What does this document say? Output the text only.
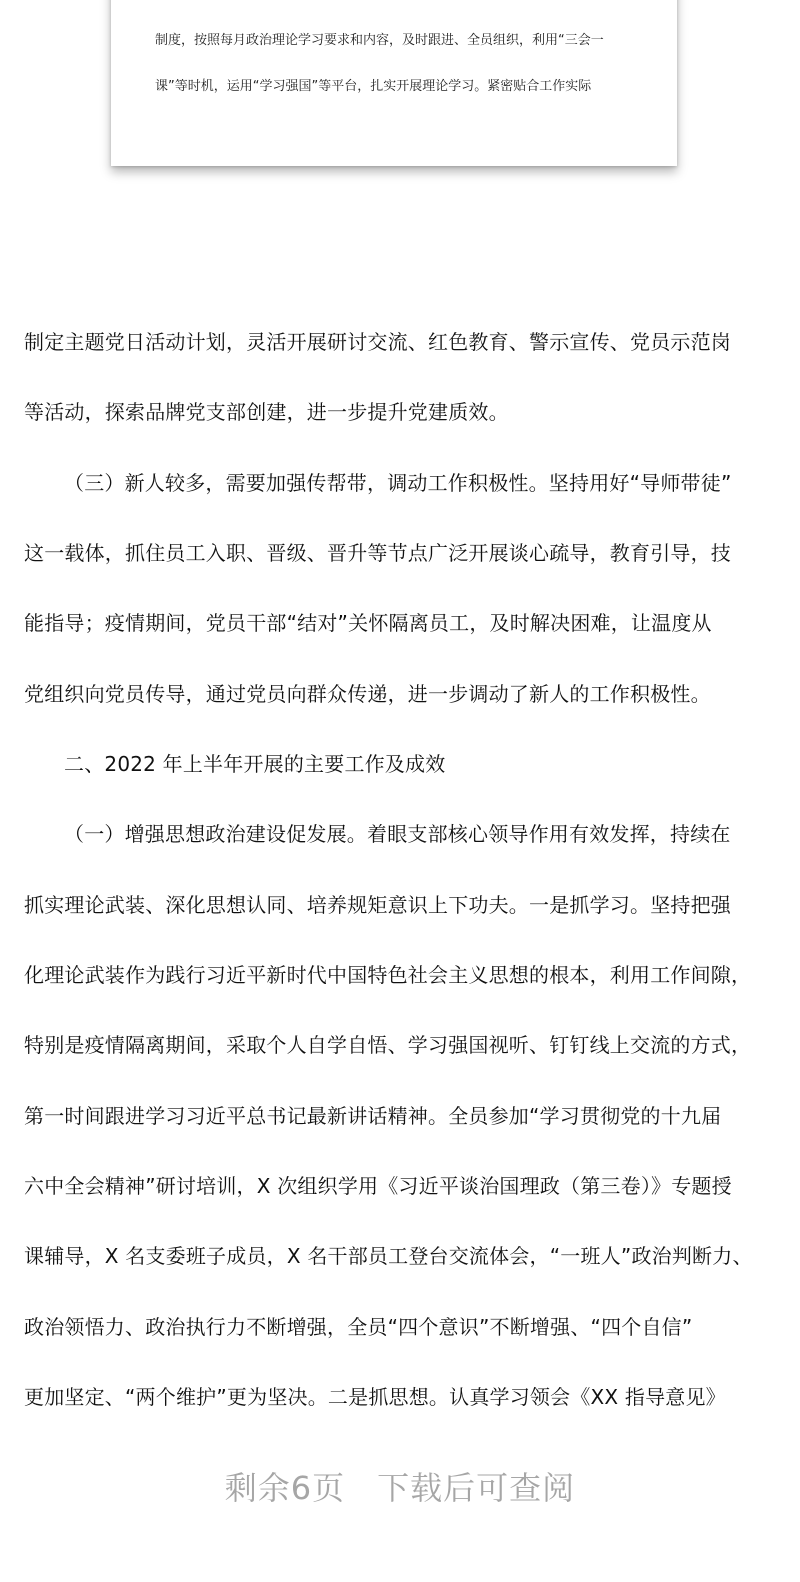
制度，按照每月政治理论学习要求和内容，及时跟进、全员组织，利用“三会一
课”等时机，运用“学习强国”等平台，扎实开展理论学习。紧密贴合工作实际

制定主题党日活动计划，灵活开展研讨交流、红色教育、警示宣传、党员示范岗
等活动，探索品牌党支部创建，进一步提升党建质效。
（三）新人较多，需要加强传帮带，调动工作积极性。坚持用好“导师带徒”
这一载体，抓住员工入职、晋级、晋升等节点广泛开展谈心疏导，教育引导，技
能指导；疫情期间，党员干部“结对”关怀隔离员工，及时解决困难，让温度从
党组织向党员传导，通过党员向群众传递，进一步调动了新人的工作积极性。
二、2022 年上半年开展的主要工作及成效
（一）增强思想政治建设促发展。着眼支部核心领导作用有效发挥，持续在
抓实理论武装、深化思想认同、培养规矩意识上下功夫。一是抓学习。坚持把强
化理论武装作为践行习近平新时代中国特色社会主义思想的根本，利用工作间隙，
特别是疫情隔离期间，采取个人自学自悟、学习强国视听、钉钉线上交流的方式，
第一时间跟进学习习近平总书记最新讲话精神。全员参加“学习贯彻党的十九届
六中全会精神”研讨培训，X 次组织学用《习近平谈治国理政（第三卷）》专题授
课辅导，X 名支委班子成员，X 名干部员工登台交流体会，“一班人”政治判断力、
政治领悟力、政治执行力不断增强，全员“四个意识”不断增强、“四个自信”
更加坚定、“两个维护”更为坚决。二是抓思想。认真学习领会《XX 指导意见》
剩余6页 下载后可查阅
